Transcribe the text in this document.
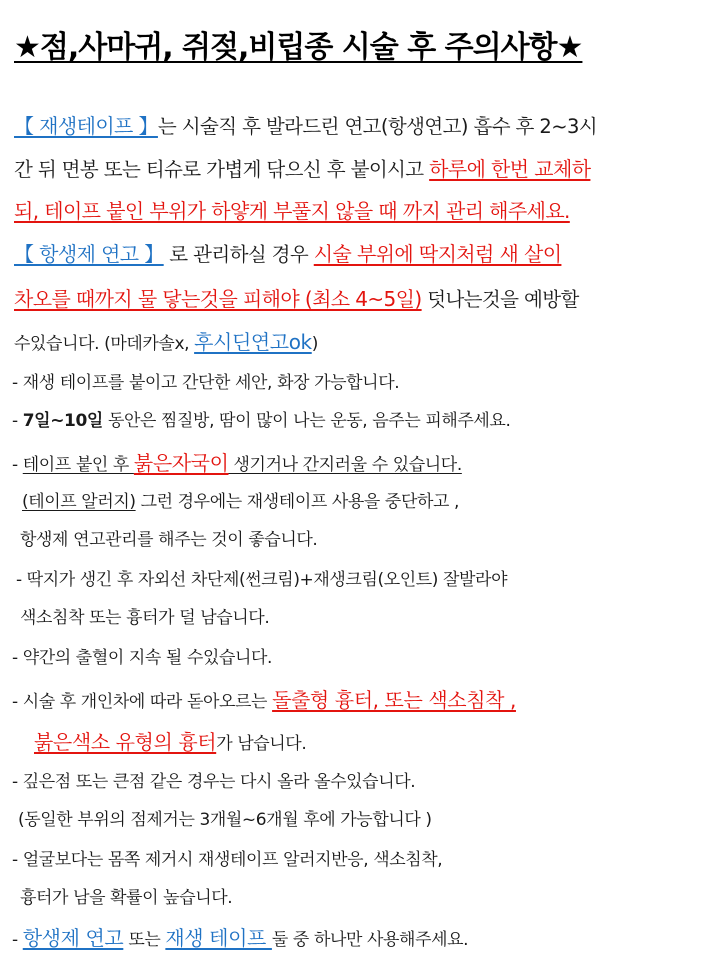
★점,사마귀, 쥐젖,비립종 시술 후 주의사항★
【 재생테이프 】는 시술직 후 발라드린 연고(항생연고) 흡수 후 2~3시
간 뒤 면봉 또는 티슈로 가볍게 닦으신 후 붙이시고 하루에 한번 교체하
되, 테이프 붙인 부위가 하얗게 부풀지 않을 때 까지 관리 해주세요.
【 항생제 연고 】 로 관리하실 경우 시술 부위에 딱지처럼 새 살이
차오를 때까지 물 닿는것을 피해야 (최소 4~5일) 덧나는것을 예방할
수있습니다. (마데카솔x, 후시딘연고ok)
- 재생 테이프를 붙이고 간단한 세안, 화장 가능합니다.
- 7일~10일 동안은 찜질방, 땀이 많이 나는 운동, 음주는 피해주세요.
- 테이프 붙인 후 붉은자국이 생기거나 간지러울 수 있습니다.
(테이프 알러지) 그런 경우에는 재생테이프 사용을 중단하고 ,
항생제 연고관리를 해주는 것이 좋습니다.
- 딱지가 생긴 후 자외선 차단제(썬크림)+재생크림(오인트) 잘발라야
색소침착 또는 흉터가 덜 남습니다.
- 약간의 출혈이 지속 될 수있습니다.
- 시술 후 개인차에 따라 돋아오르는 돌출형 흉터, 또는 색소침착 ,
붉은색소 유형의 흉터가 남습니다.
- 깊은점 또는 큰점 같은 경우는 다시 올라 올수있습니다.
(동일한 부위의 점제거는 3개월~6개월 후에 가능합니다 )
- 얼굴보다는 몸쪽 제거시 재생테이프 알러지반응, 색소침착,
흉터가 남을 확률이 높습니다.
- 항생제 연고 또는 재생 테이프 둘 중 하나만 사용해주세요.
